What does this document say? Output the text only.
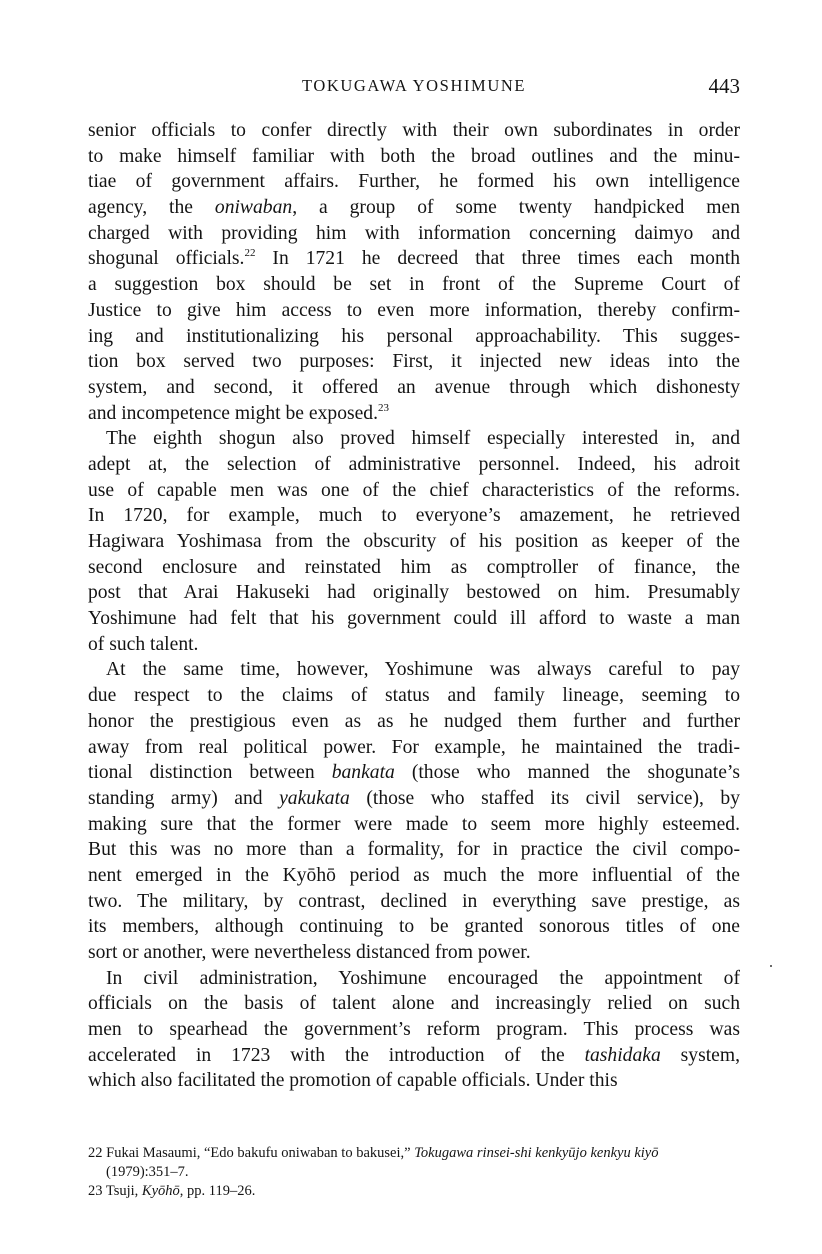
TOKUGAWA YOSHIMUNE	443
senior officials to confer directly with their own subordinates in order
to make himself familiar with both the broad outlines and the minu-
tiae of government affairs. Further, he formed his own intelligence
agency, the oniwaban, a group of some twenty handpicked men
charged with providing him with information concerning daimyo and
shogunal officials.$^{22}$ In 1721 he decreed that three times each month
a suggestion box should be set in front of the Supreme Court of
Justice to give him access to even more information, thereby confirm-
ing and institutionalizing his personal approachability. This sugges-
tion box served two purposes: First, it injected new ideas into the
system, and second, it offered an avenue through which dishonesty
and incompetence might be exposed.$^{23}$
The eighth shogun also proved himself especially interested in, and
adept at, the selection of administrative personnel. Indeed, his adroit
use of capable men was one of the chief characteristics of the reforms.
In 1720, for example, much to everyone’s amazement, he retrieved
Hagiwara Yoshimasa from the obscurity of his position as keeper of the
second enclosure and reinstated him as comptroller of finance, the
post that Arai Hakuseki had originally bestowed on him. Presumably
Yoshimune had felt that his government could ill afford to waste a man
of such talent.
At the same time, however, Yoshimune was always careful to pay
due respect to the claims of status and family lineage, seeming to
honor the prestigious even as as he nudged them further and further
away from real political power. For example, he maintained the tradi-
tional distinction between bankata (those who manned the shogunate’s
standing army) and yakukata (those who staffed its civil service), by
making sure that the former were made to seem more highly esteemed.
But this was no more than a formality, for in practice the civil compo-
nent emerged in the Kyōhō period as much the more influential of the
two. The military, by contrast, declined in everything save prestige, as
its members, although continuing to be granted sonorous titles of one
sort or another, were nevertheless distanced from power.
In civil administration, Yoshimune encouraged the appointment of
officials on the basis of talent alone and increasingly relied on such
men to spearhead the government’s reform program. This process was
accelerated in 1723 with the introduction of the tashidaka system,
which also facilitated the promotion of capable officials. Under this
22 Fukai Masaumi, “Edo bakufu oniwaban to bakusei,” Tokugawa rinsei-shi kenkyūjo kenkyu kiyō
(1979):351–7.
23 Tsuji, Kyōhō, pp. 119–26.
